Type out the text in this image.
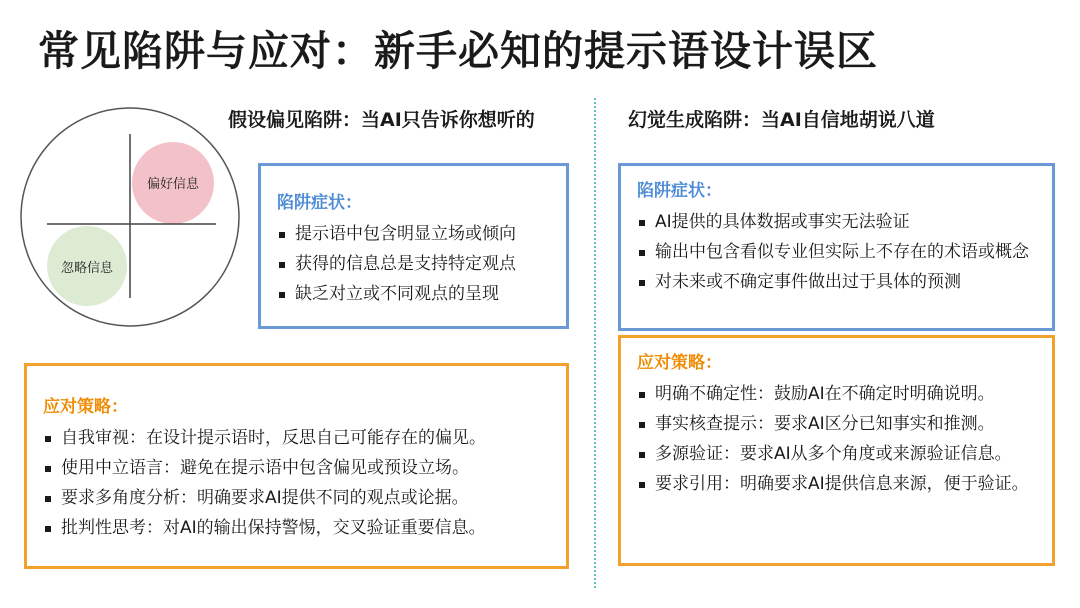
常见陷阱与应对：新手必知的提示语设计误区
假设偏见陷阱：当AI只告诉你想听的
偏好信息
忽略信息
陷阱症状：
提示语中包含明显立场或倾向
获得的信息总是支持特定观点
缺乏对立或不同观点的呈现
应对策略：
自我审视：在设计提示语时，反思自己可能存在的偏见。
使用中立语言：避免在提示语中包含偏见或预设立场。
要求多角度分析：明确要求AI提供不同的观点或论据。
批判性思考：对AI的输出保持警惕，交叉验证重要信息。
幻觉生成陷阱：当AI自信地胡说八道
陷阱症状：
AI提供的具体数据或事实无法验证
输出中包含看似专业但实际上不存在的术语或概念
对未来或不确定事件做出过于具体的预测
应对策略：
明确不确定性：鼓励AI在不确定时明确说明。
事实核查提示：要求AI区分已知事实和推测。
多源验证：要求AI从多个角度或来源验证信息。
要求引用：明确要求AI提供信息来源，便于验证。
